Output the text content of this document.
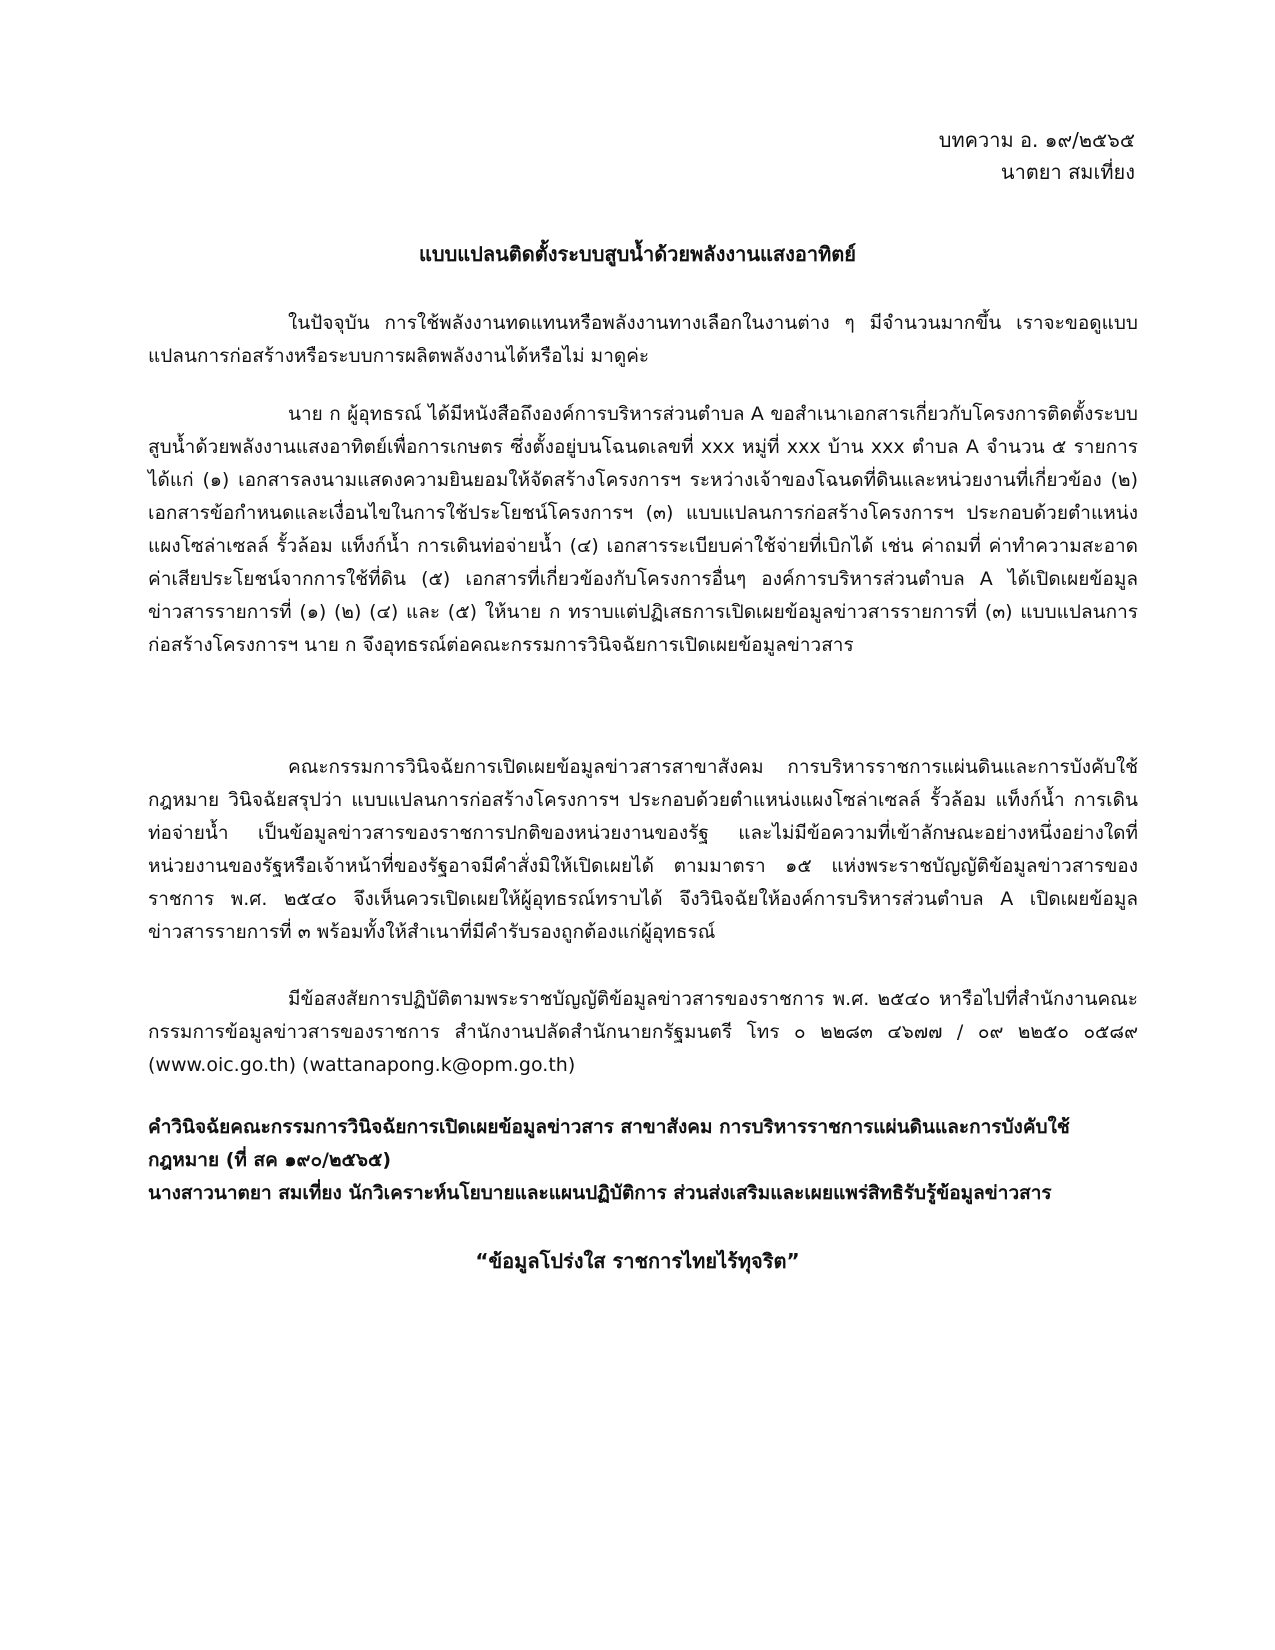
บทความ อ. ๑๙/๒๕๖๕
นาตยา สมเที่ยง
แบบแปลนติดตั้งระบบสูบน้ำด้วยพลังงานแสงอาทิตย์

ในปัจจุบัน การใช้พลังงานทดแทนหรือพลังงานทางเลือกในงานต่าง ๆ มีจำนวนมากขึ้น เราจะขอดูแบบแปลนการก่อสร้างหรือระบบการผลิตพลังงานได้หรือไม่ มาดูค่ะ

นาย ก ผู้อุทธรณ์ ได้มีหนังสือถึงองค์การบริหารส่วนตำบล A ขอสำเนาเอกสารเกี่ยวกับโครงการติดตั้งระบบสูบน้ำด้วยพลังงานแสงอาทิตย์เพื่อการเกษตร ซึ่งตั้งอยู่บนโฉนดเลขที่ xxx หมู่ที่ xxx บ้าน xxx ตำบล A จำนวน ๕ รายการ ได้แก่ (๑) เอกสารลงนามแสดงความยินยอมให้จัดสร้างโครงการฯ ระหว่างเจ้าของโฉนดที่ดินและหน่วยงานที่เกี่ยวข้อง (๒) เอกสารข้อกำหนดและเงื่อนไขในการใช้ประโยชน์โครงการฯ (๓) แบบแปลนการก่อสร้างโครงการฯ ประกอบด้วยตำแหน่งแผงโซล่าเซลล์ รั้วล้อม แท็งก์น้ำ การเดินท่อจ่ายน้ำ (๔) เอกสารระเบียบค่าใช้จ่ายที่เบิกได้ เช่น ค่าถมที่ ค่าทำความสะอาด ค่าเสียประโยชน์จากการใช้ที่ดิน (๕) เอกสารที่เกี่ยวข้องกับโครงการอื่นๆ องค์การบริหารส่วนตำบล A ได้เปิดเผยข้อมูลข่าวสารรายการที่ (๑) (๒) (๔) และ (๕) ให้นาย ก ทราบแต่ปฏิเสธการเปิดเผยข้อมูลข่าวสารรายการที่ (๓) แบบแปลนการก่อสร้างโครงการฯ นาย ก จึงอุทธรณ์ต่อคณะกรรมการวินิจฉัยการเปิดเผยข้อมูลข่าวสาร

คณะกรรมการวินิจฉัยการเปิดเผยข้อมูลข่าวสารสาขาสังคม การบริหารราชการแผ่นดินและการบังคับใช้กฎหมาย วินิจฉัยสรุปว่า แบบแปลนการก่อสร้างโครงการฯ ประกอบด้วยตำแหน่งแผงโซล่าเซลล์ รั้วล้อม แท็งก์น้ำ การเดินท่อจ่ายน้ำ เป็นข้อมูลข่าวสารของราชการปกติของหน่วยงานของรัฐ และไม่มีข้อความที่เข้าลักษณะอย่างหนึ่งอย่างใดที่หน่วยงานของรัฐหรือเจ้าหน้าที่ของรัฐอาจมีคำสั่งมิให้เปิดเผยได้ ตามมาตรา ๑๕ แห่งพระราชบัญญัติข้อมูลข่าวสารของราชการ พ.ศ. ๒๕๔๐ จึงเห็นควรเปิดเผยให้ผู้อุทธรณ์ทราบได้ จึงวินิจฉัยให้องค์การบริหารส่วนตำบล A เปิดเผยข้อมูลข่าวสารรายการที่ ๓ พร้อมทั้งให้สำเนาที่มีคำรับรองถูกต้องแก่ผู้อุทธรณ์

มีข้อสงสัยการปฏิบัติตามพระราชบัญญัติข้อมูลข่าวสารของราชการ พ.ศ. ๒๕๔๐ หารือไปที่สำนักงานคณะกรรมการข้อมูลข่าวสารของราชการ สำนักงานปลัดสำนักนายกรัฐมนตรี โทร ๐ ๒๒๘๓ ๔๖๗๗ / ๐๙ ๒๒๕๐ ๐๕๘๙ (www.oic.go.th) (wattanapong.k@opm.go.th)

คำวินิจฉัยคณะกรรมการวินิจฉัยการเปิดเผยข้อมูลข่าวสาร สาขาสังคม การบริหารราชการแผ่นดินและการบังคับใช้กฎหมาย (ที่ สค ๑๙๐/๒๕๖๕)
นางสาวนาตยา สมเที่ยง นักวิเคราะห์นโยบายและแผนปฏิบัติการ ส่วนส่งเสริมและเผยแพร่สิทธิรับรู้ข้อมูลข่าวสาร
“ข้อมูลโปร่งใส ราชการไทยไร้ทุจริต”
